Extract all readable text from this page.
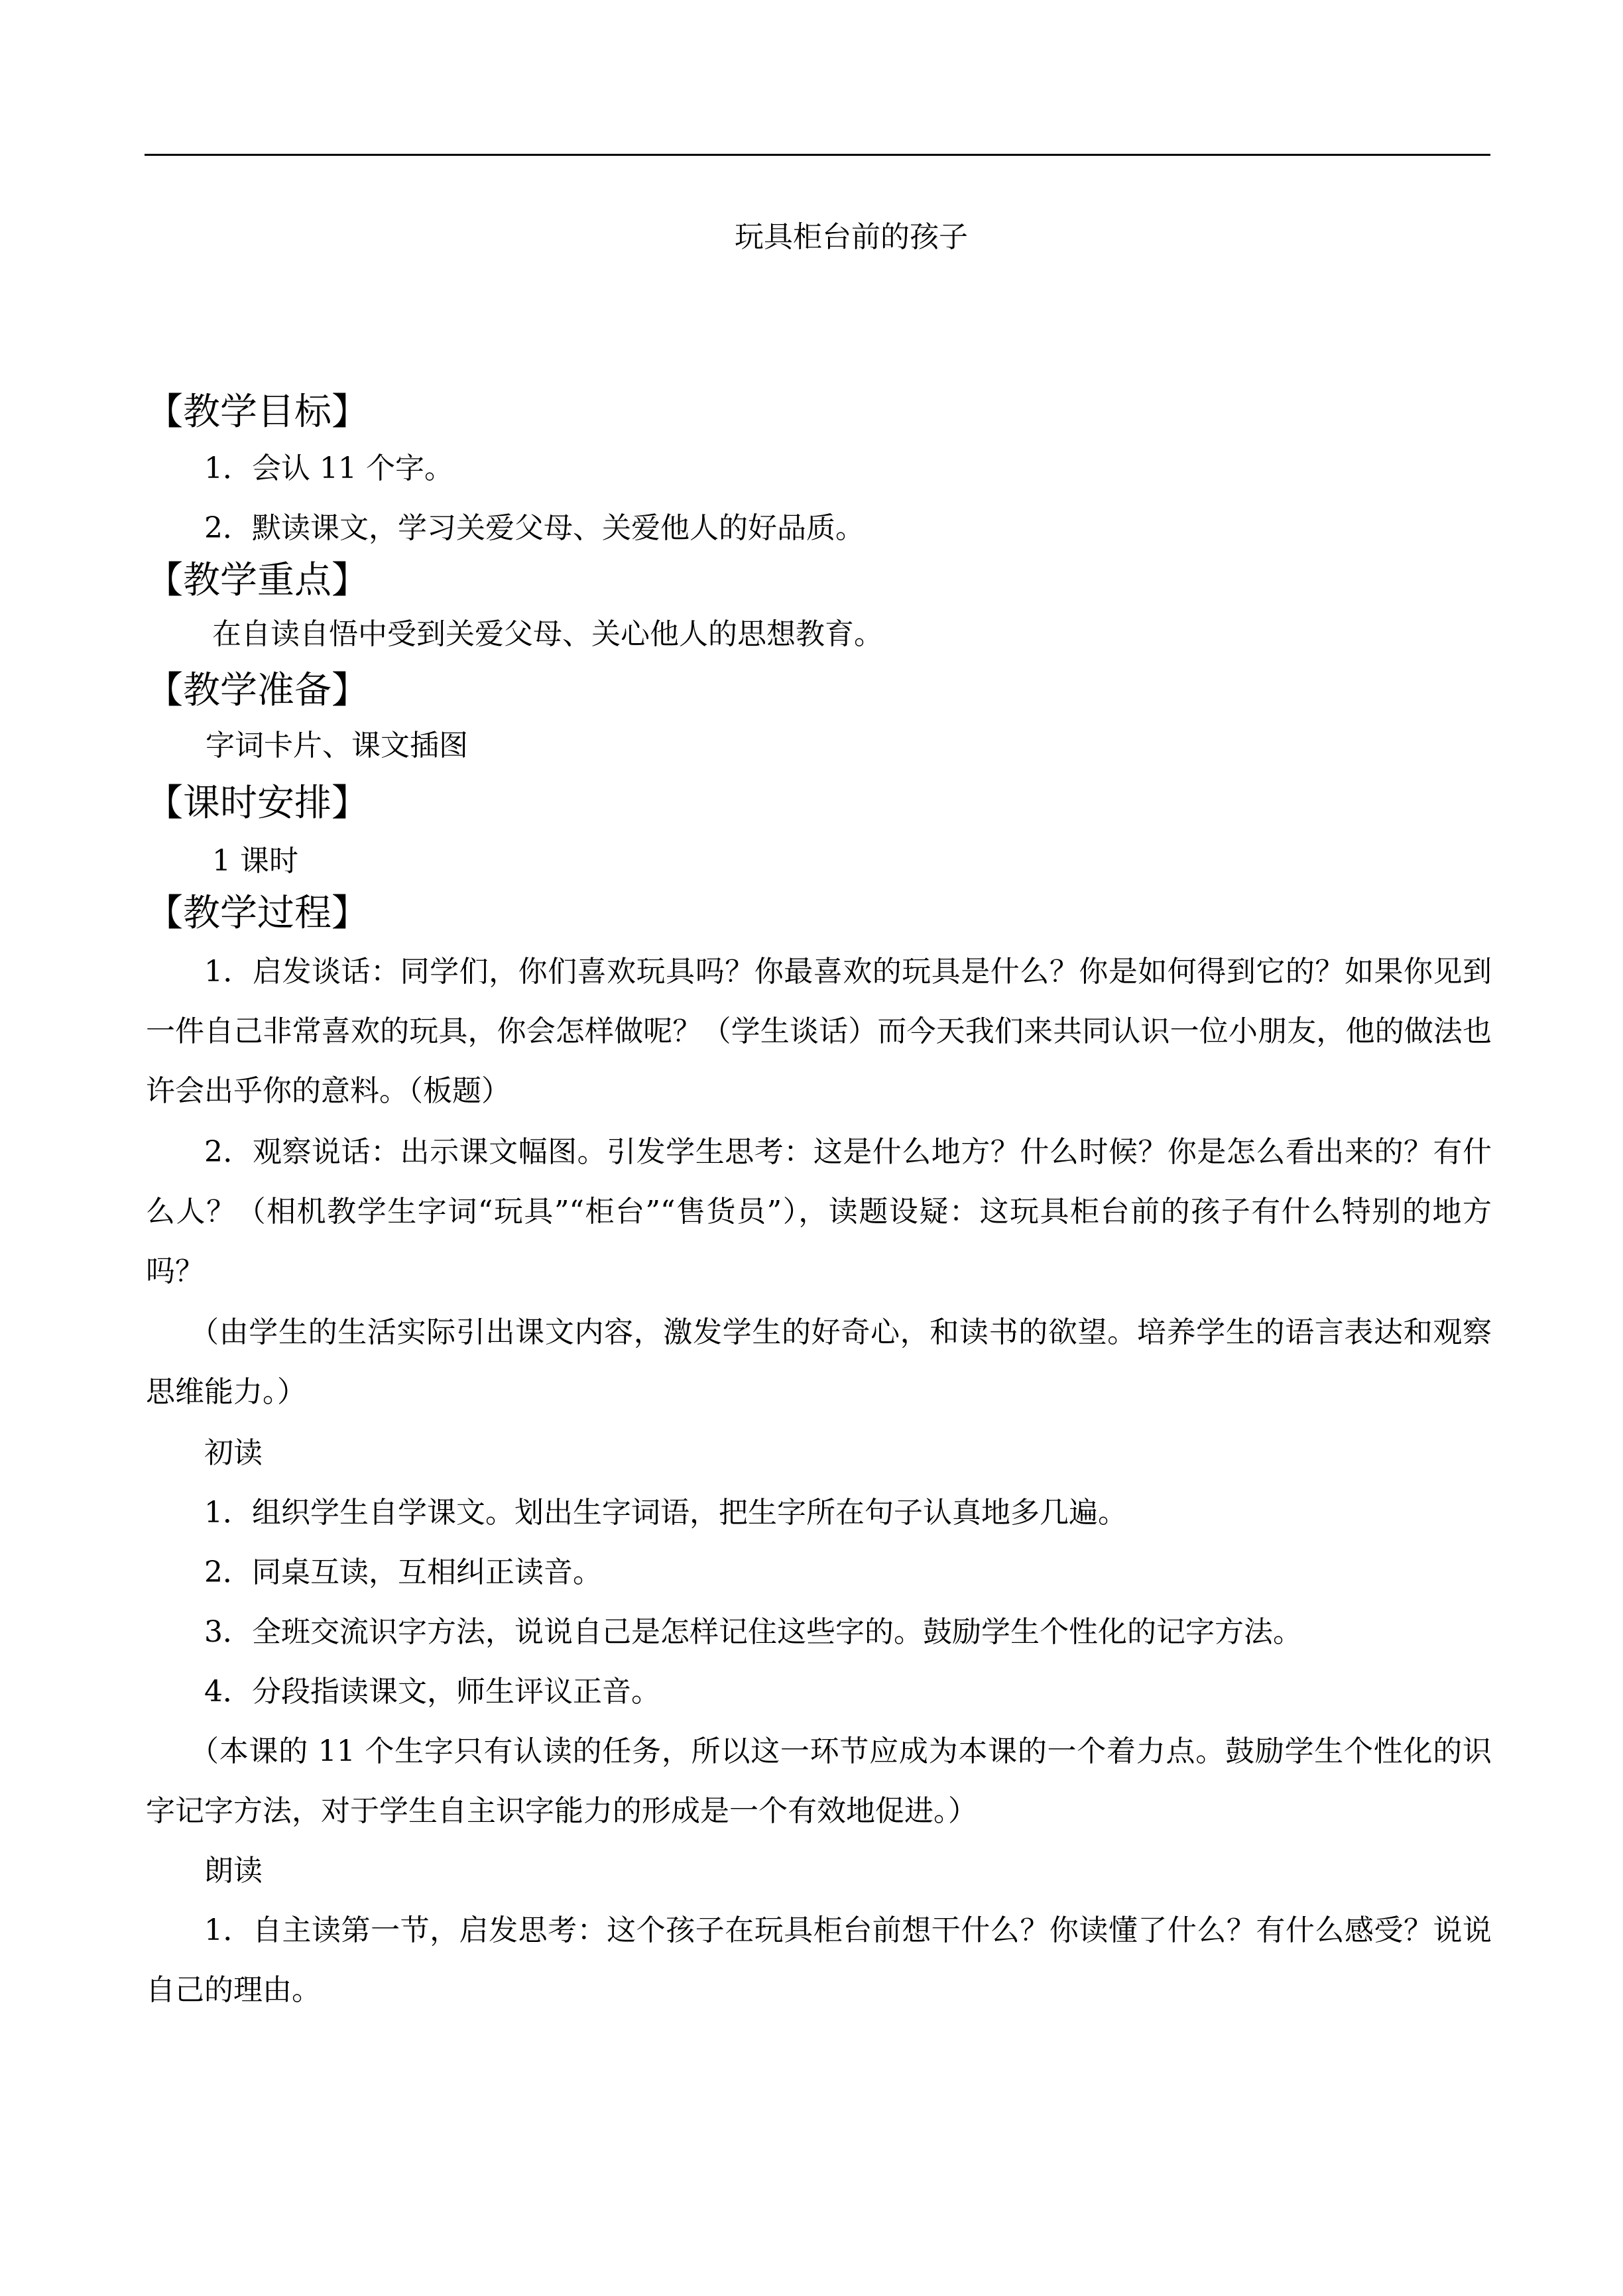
玩具柜台前的孩子
【教学目标】

1．会认 11 个字。

2．默读课文，学习关爱父母、关爱他人的好品质。

【教学重点】

在自读自悟中受到关爱父母、关心他人的思想教育。

【教学准备】

字词卡片、课文插图

【课时安排】

1 课时

【教学过程】

1．启发谈话：同学们，你们喜欢玩具吗？你最喜欢的玩具是什么？你是如何得到它的？如果你见到一件自己非常喜欢的玩具，你会怎样做呢？（学生谈话）而今天我们来共同认识一位小朋友，他的做法也许会出乎你的意料。（板题）

2．观察说话：出示课文幅图。引发学生思考：这是什么地方？什么时候？你是怎么看出来的？有什么人？（相机教学生字词“玩具”“柜台”“售货员”），读题设疑：这玩具柜台前的孩子有什么特别的地方吗？

（由学生的生活实际引出课文内容，激发学生的好奇心，和读书的欲望。培养学生的语言表达和观察思维能力。）

初读

1．组织学生自学课文。划出生字词语，把生字所在句子认真地多几遍。

2．同桌互读，互相纠正读音。

3．全班交流识字方法，说说自己是怎样记住这些字的。鼓励学生个性化的记字方法。

4．分段指读课文，师生评议正音。

（本课的 11 个生字只有认读的任务，所以这一环节应成为本课的一个着力点。鼓励学生个性化的识字记字方法，对于学生自主识字能力的形成是一个有效地促进。）

朗读

1．自主读第一节，启发思考：这个孩子在玩具柜台前想干什么？你读懂了什么？有什么感受？说说自己的理由。
